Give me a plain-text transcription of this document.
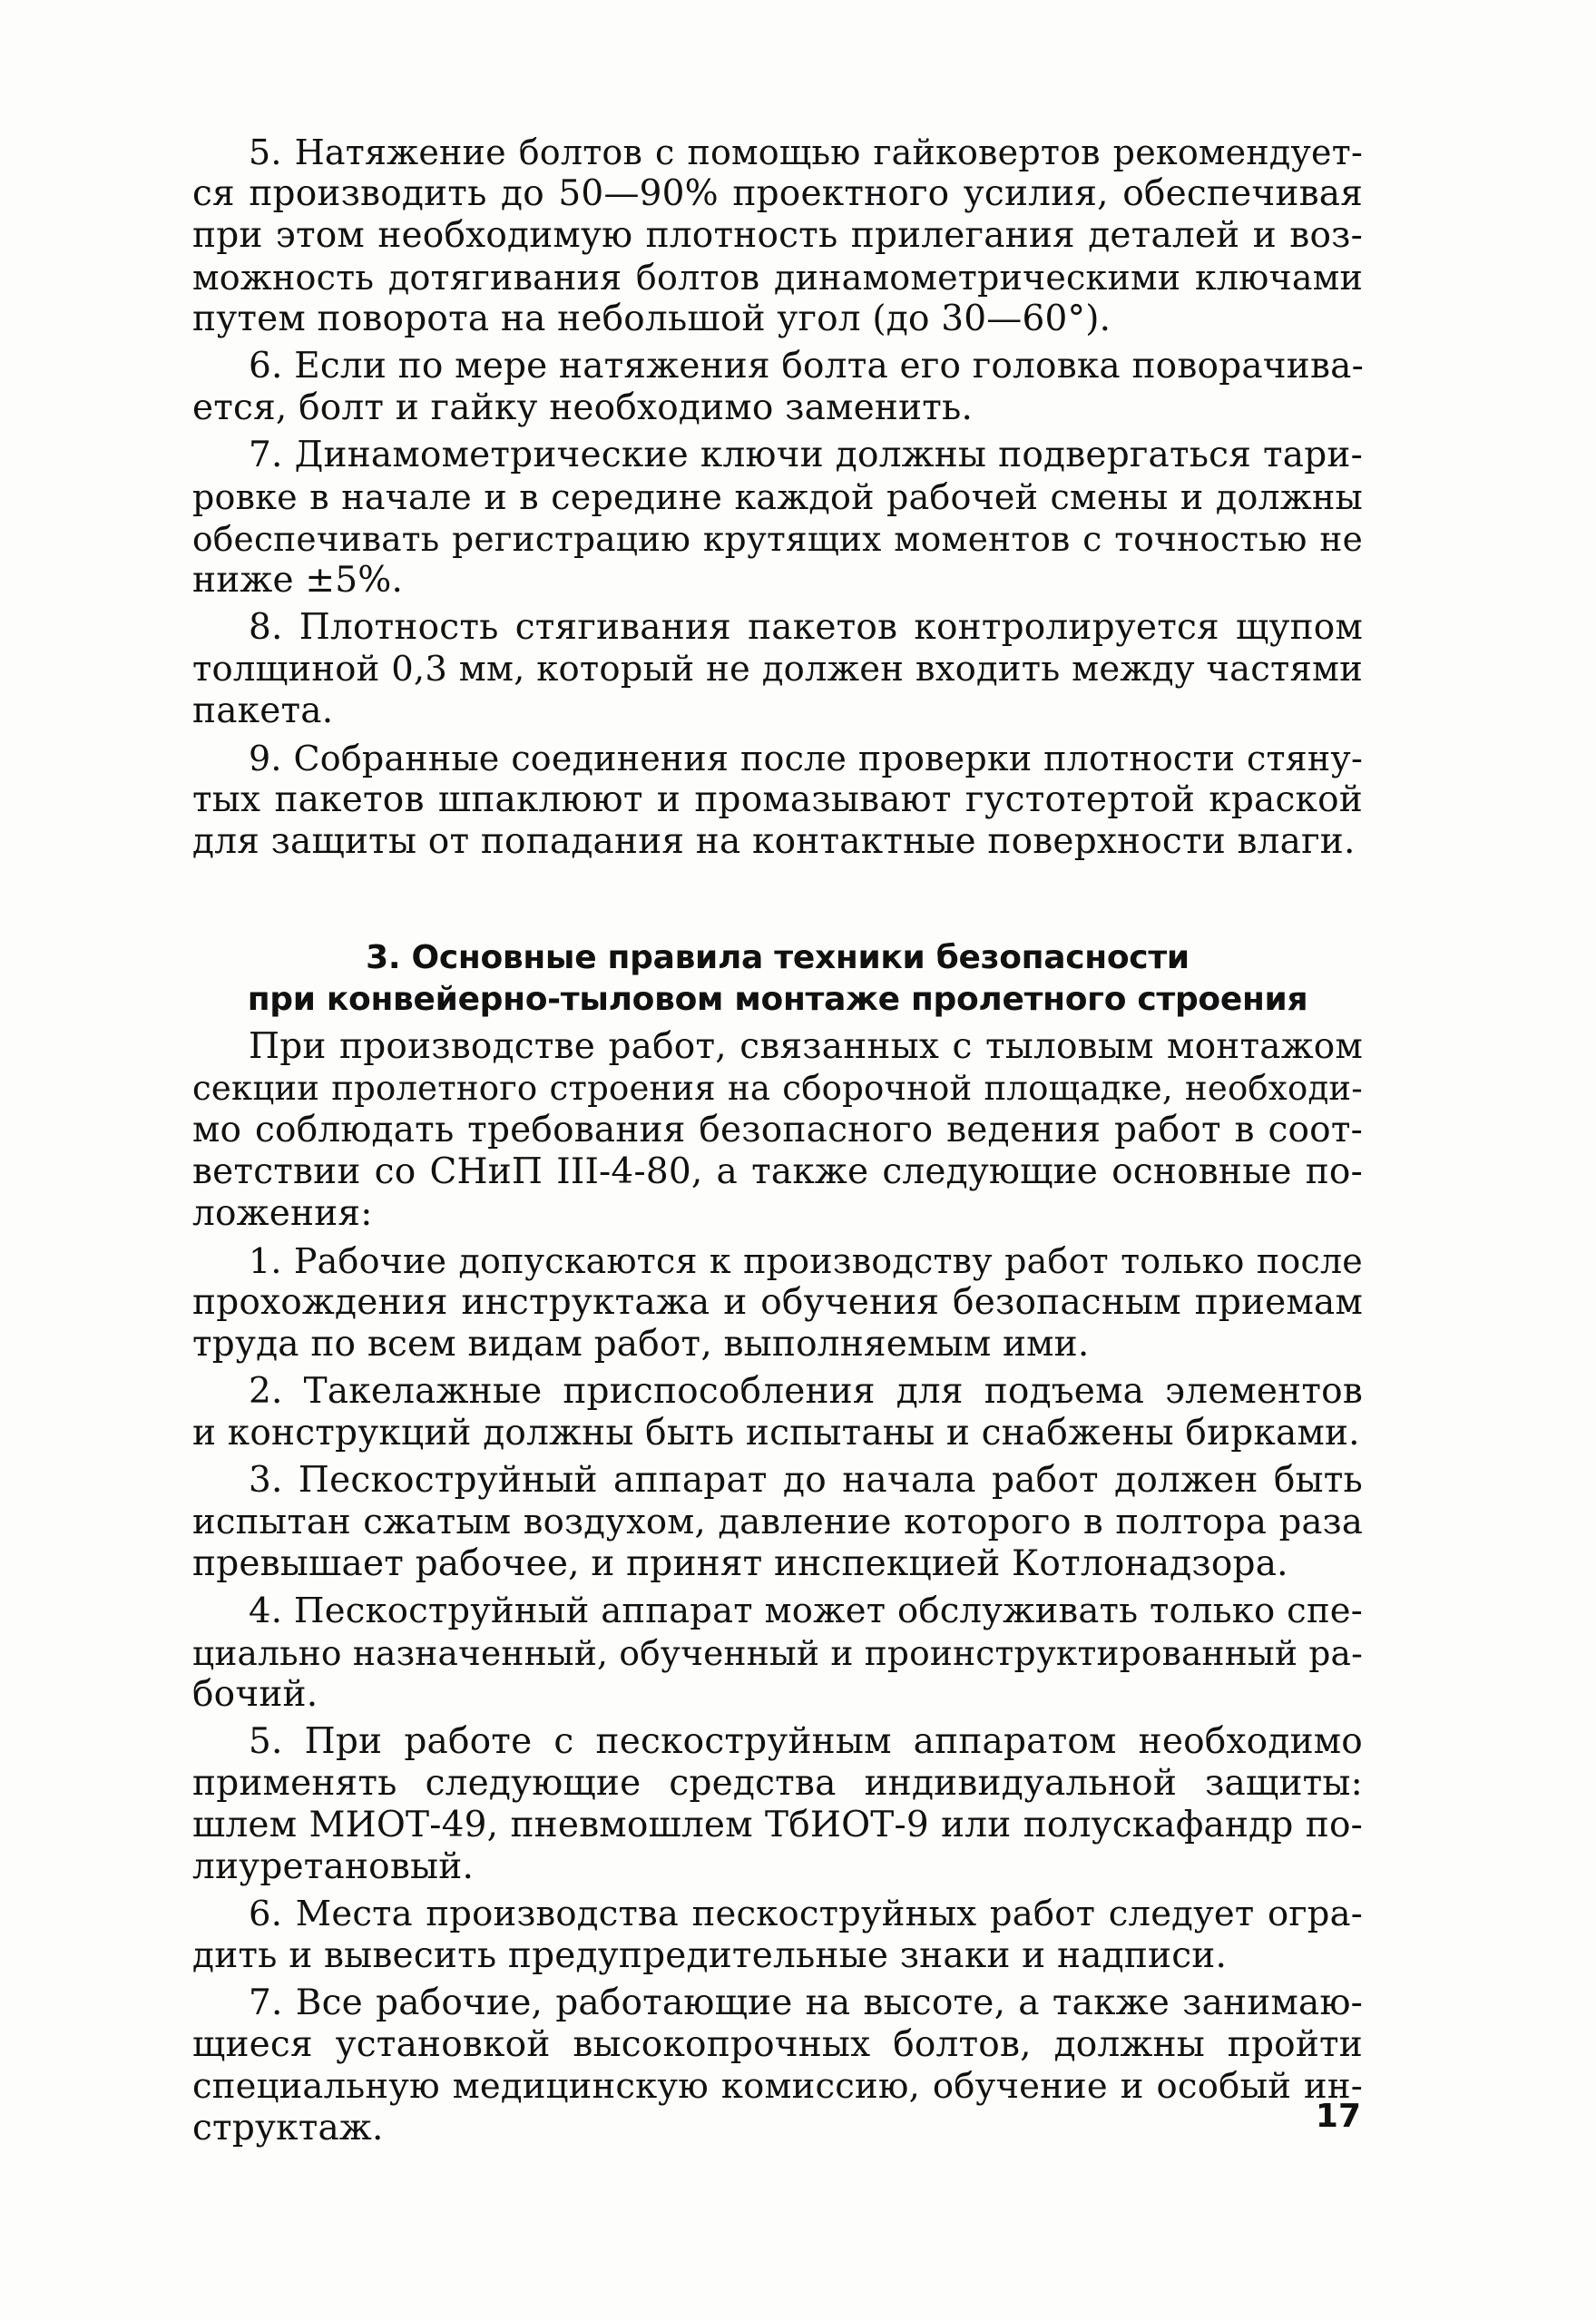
5. Натяжение болтов с помощью гайковертов рекомендует-
ся производить до 50—90% проектного усилия, обеспечивая
при этом необходимую плотность прилегания деталей и воз-
можность дотягивания болтов динамометрическими ключами
путем поворота на небольшой угол (до 30—60°).
6. Если по мере натяжения болта его головка поворачива-
ется, болт и гайку необходимо заменить.
7. Динамометрические ключи должны подвергаться тари-
ровке в начале и в середине каждой рабочей смены и должны
обеспечивать регистрацию крутящих моментов с точностью не
ниже ±5%.
8. Плотность стягивания пакетов контролируется щупом
толщиной 0,3 мм, который не должен входить между частями
пакета.
9. Собранные соединения после проверки плотности стяну-
тых пакетов шпаклюют и промазывают густотертой краской
для защиты от попадания на контактные поверхности влаги.
3. Основные правила техники безопасности
при конвейерно-тыловом монтаже пролетного строения
При производстве работ, связанных с тыловым монтажом
секции пролетного строения на сборочной площадке, необходи-
мо соблюдать требования безопасного ведения работ в соот-
ветствии со СНиП III-4-80, а также следующие основные по-
ложения:
1. Рабочие допускаются к производству работ только после
прохождения инструктажа и обучения безопасным приемам
труда по всем видам работ, выполняемым ими.
2. Такелажные приспособления для подъема элементов
и конструкций должны быть испытаны и снабжены бирками.
3. Пескоструйный аппарат до начала работ должен быть
испытан сжатым воздухом, давление которого в полтора раза
превышает рабочее, и принят инспекцией Котлонадзора.
4. Пескоструйный аппарат может обслуживать только спе-
циально назначенный, обученный и проинструктированный ра-
бочий.
5. При работе с пескоструйным аппаратом необходимо
применять следующие средства индивидуальной защиты:
шлем МИОТ-49, пневмошлем ТбИОТ-9 или полускафандр по-
лиуретановый.
6. Места производства пескоструйных работ следует огра-
дить и вывесить предупредительные знаки и надписи.
7. Все рабочие, работающие на высоте, а также занимаю-
щиеся установкой высокопрочных болтов, должны пройти
специальную медицинскую комиссию, обучение и особый ин-
структаж.	17
